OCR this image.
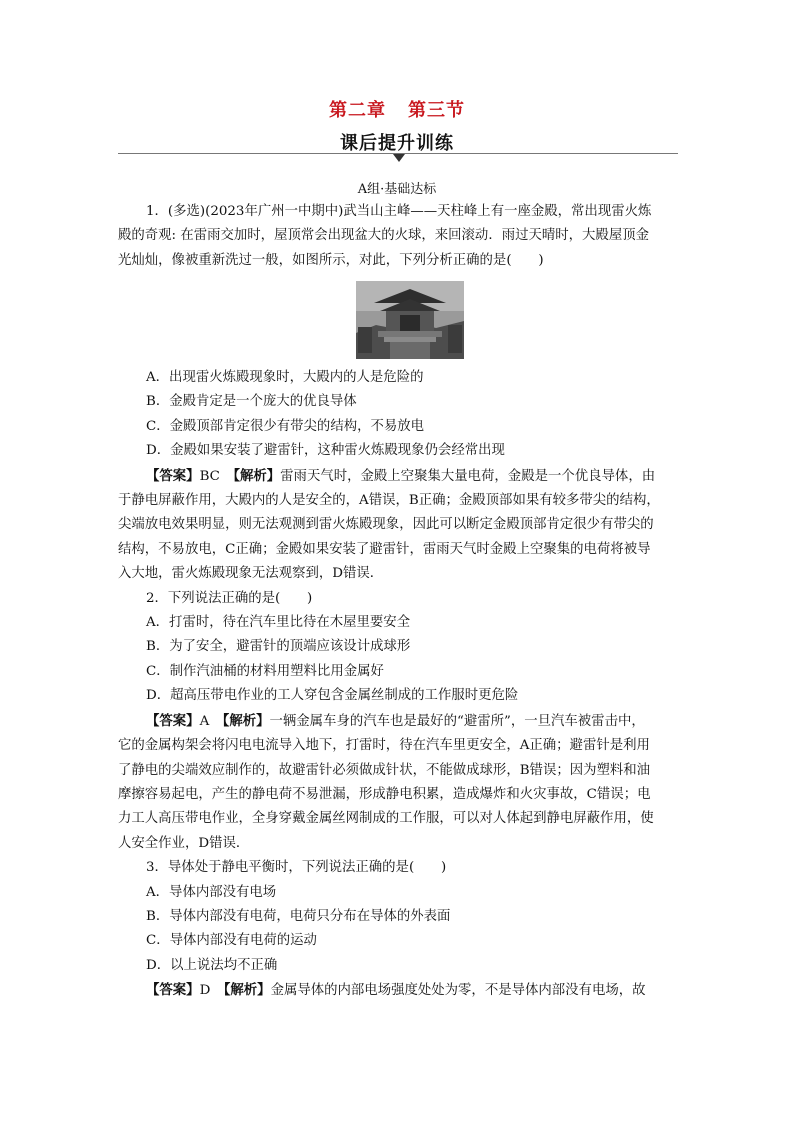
第二章 第三节
课后提升训练
A组·基础达标

1．(多选)(2023年广州一中期中)武当山主峰——天柱峰上有一座金殿，常出现雷火炼

殿的奇观: 在雷雨交加时，屋顶常会出现盆大的火球，来回滚动．雨过天晴时，大殿屋顶金

光灿灿，像被重新洗过一般，如图所示，对此，下列分析正确的是(　　)

A．出现雷火炼殿现象时，大殿内的人是危险的

B．金殿肯定是一个庞大的优良导体

C．金殿顶部肯定很少有带尖的结构，不易放电

D．金殿如果安装了避雷针，这种雷火炼殿现象仍会经常出现

【答案】BC　 【解析】雷雨天气时，金殿上空聚集大量电荷，金殿是一个优良导体，由

于静电屏蔽作用，大殿内的人是安全的，A错误，B正确；金殿顶部如果有较多带尖的结构，

尖端放电效果明显，则无法观测到雷火炼殿现象，因此可以断定金殿顶部肯定很少有带尖的

结构，不易放电，C正确；金殿如果安装了避雷针，雷雨天气时金殿上空聚集的电荷将被导

入大地，雷火炼殿现象无法观察到，D错误．

2．下列说法正确的是(　　)

A．打雷时，待在汽车里比待在木屋里要安全

B．为了安全，避雷针的顶端应该设计成球形

C．制作汽油桶的材料用塑料比用金属好

D．超高压带电作业的工人穿包含金属丝制成的工作服时更危险

【答案】A　 【解析】一辆金属车身的汽车也是最好的“避雷所”，一旦汽车被雷击中，

它的金属构架会将闪电电流导入地下，打雷时，待在汽车里更安全，A正确；避雷针是利用

了静电的尖端效应制作的，故避雷针必须做成针状，不能做成球形，B错误；因为塑料和油

摩擦容易起电，产生的静电荷不易泄漏，形成静电积累，造成爆炸和火灾事故，C错误；电

力工人高压带电作业，全身穿戴金属丝网制成的工作服，可以对人体起到静电屏蔽作用，使

人安全作业，D错误．

3．导体处于静电平衡时，下列说法正确的是(　　)

A．导体内部没有电场

B．导体内部没有电荷，电荷只分布在导体的外表面

C．导体内部没有电荷的运动

D．以上说法均不正确

【答案】D　 【解析】金属导体的内部电场强度处处为零，不是导体内部没有电场，故
